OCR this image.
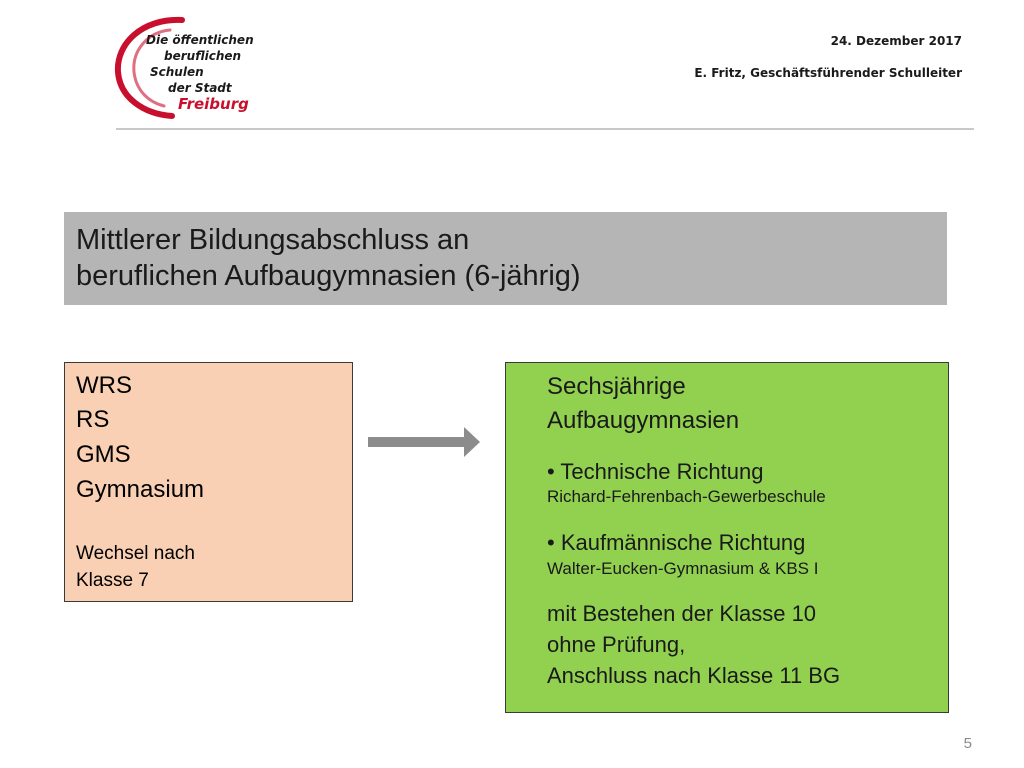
Die öffentlichen
beruflichen
Schulen
der Stadt
Freiburg
24. Dezember 2017
E. Fritz, Geschäftsführender Schulleiter
Mittlerer Bildungsabschluss an
beruflichen Aufbaugymnasien (6-jährig)
WRS
RS
GMS
Gymnasium
Wechsel nach
Klasse 7
Sechsjährige
Aufbaugymnasien
• Technische Richtung
Richard-Fehrenbach-Gewerbeschule
• Kaufmännische Richtung
Walter-Eucken-Gymnasium & KBS I
mit Bestehen der Klasse 10
ohne Prüfung,
Anschluss nach Klasse 11 BG
5
